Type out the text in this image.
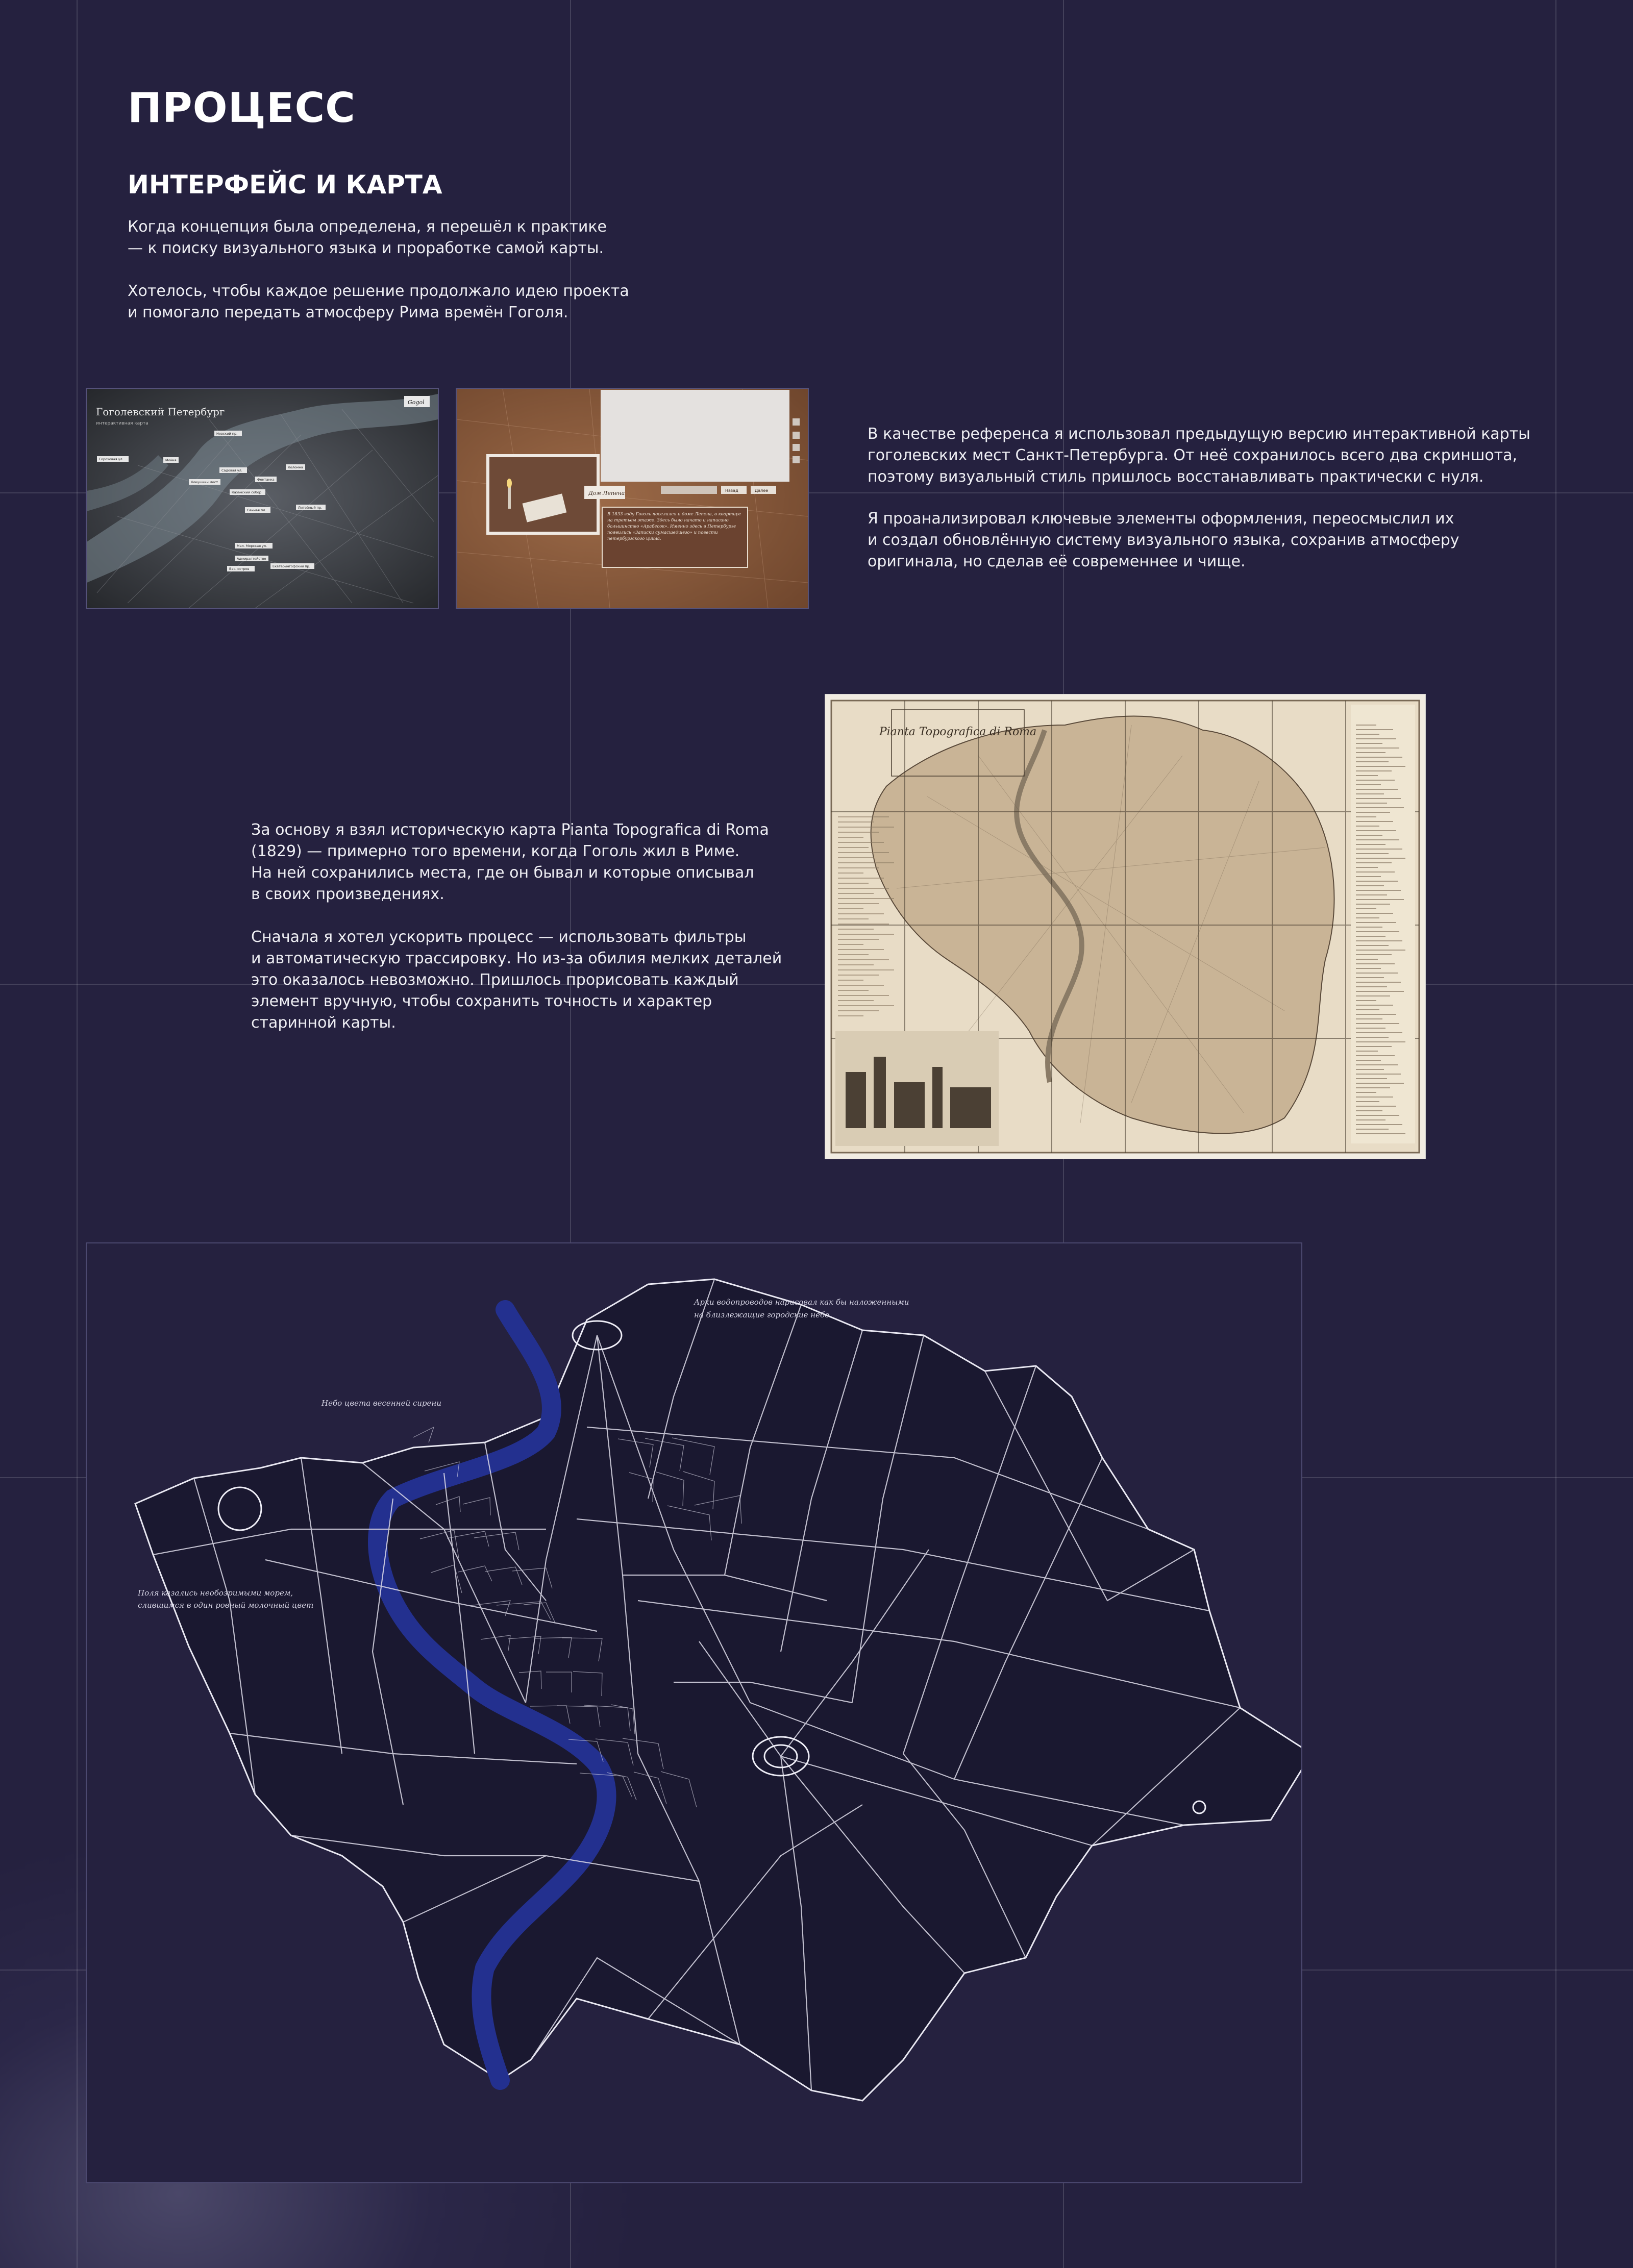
ПРОЦЕСС
ИНТЕРФЕЙС И КАРТА

Когда концепция была определена, я перешёл к практике
— к поиску визуального языка и проработке самой карты.

Хотелось, чтобы каждое решение продолжало идею проекта
и помогало передать атмосферу Рима времён Гоголя.

Гоголевский Петербург
интерактивная карта
Gogol
Невский пр.
Гороховая ул.	Мойка
Фонтанка
Садовая ул.
Коломна
Сенная пл.
Кокушкин мост
Казанский собор
Литейный пр.
Мал. Морская ул.
Адмиралтейство
Вас. остров
Екатерингофский пр.
Дом Лепена	Назад	Далее
В 1833 году Гоголь поселился в доме Лепена, в квартире на третьем этаже. Здесь было начато и написано большинство «Арабесок». Именно здесь в Петербурге появились «Записки сумасшедшего» и повести петербургского цикла.

В качестве референса я использовал предыдущую версию интерактивной карты
гоголевских мест Санкт-Петербурга. От неё сохранилось всего два скриншота,
поэтому визуальный стиль пришлось восстанавливать практически с нуля.

Я проанализировал ключевые элементы оформления, переосмыслил их
и создал обновлённую систему визуального языка, сохранив атмосферу
оригинала, но сделав её современнее и чище.

За основу я взял историческую карта Pianta Topografica di Roma
(1829) — примерно того времени, когда Гоголь жил в Риме.
На ней сохранились места, где он бывал и которые описывал
в своих произведениях.

Сначала я хотел ускорить процесс — использовать фильтры
и автоматическую трассировку. Но из-за обилия мелких деталей
это оказалось невозможно. Пришлось прорисовать каждый
элемент вручную, чтобы сохранить точность и характер
старинной карты.

Pianta Topografica di Roma
Арки водопроводов нарисовал как бы наложенными
на близлежащие городские небо
Небо цвета весенней сирени
Поля казались необозримыми морем,
слившимся в один ровный молочный цвет
